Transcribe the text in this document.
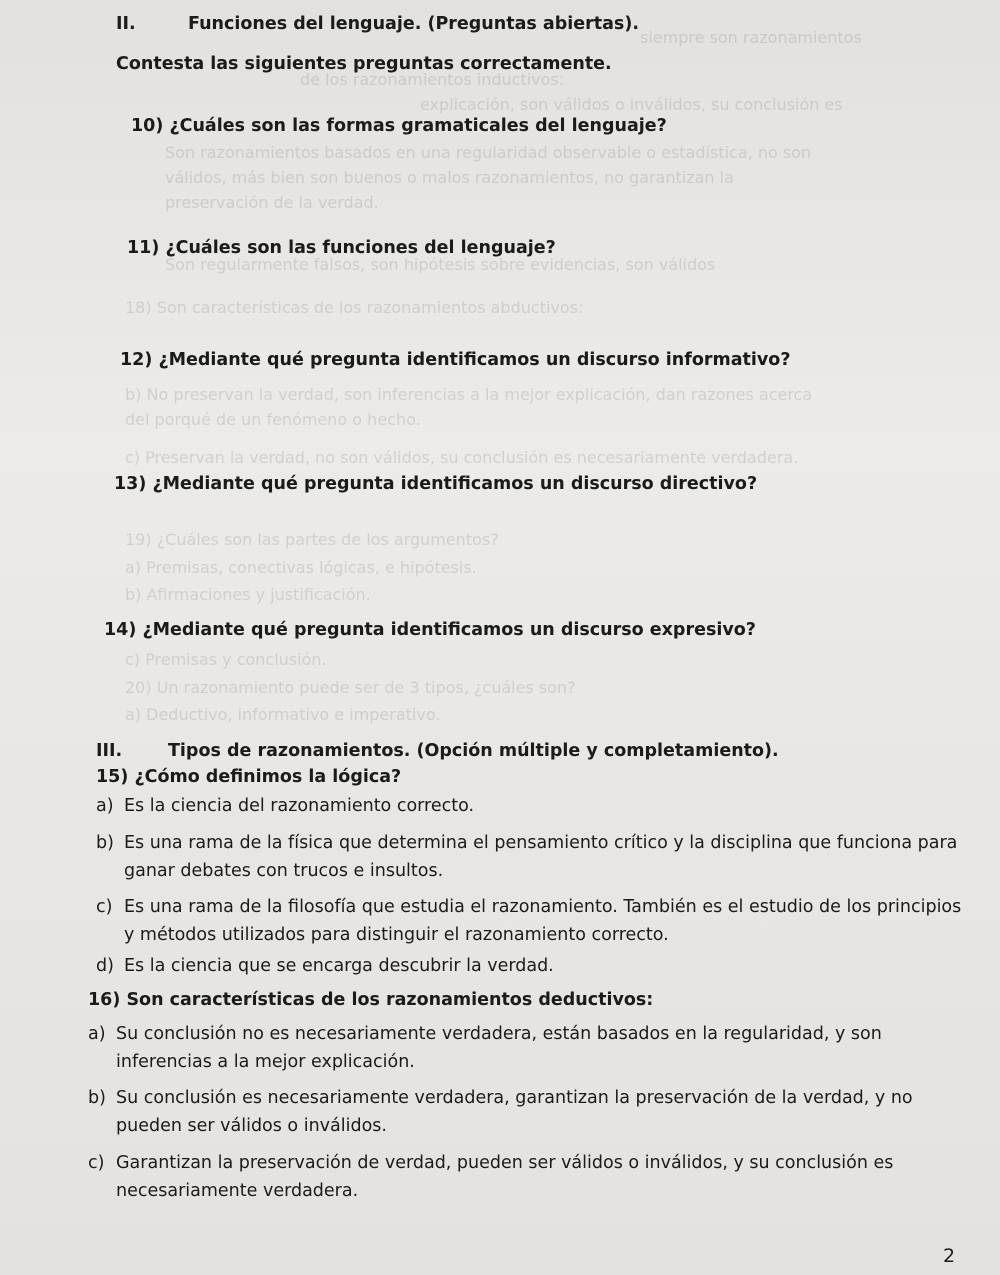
siempre son razonamientos
de los razonamientos inductivos:
explicación, son válidos o inválidos, su conclusión es
Son razonamientos basados en una regularidad observable o estadística, no son
válidos, más bien son buenos o malos razonamientos, no garantizan la
preservación de la verdad.
Son regularmente falsos, son hipótesis sobre evidencias, son válidos
18) Son características de los razonamientos abductivos:
b) No preservan la verdad, son inferencias a la mejor explicación, dan razones acerca
del porqué de un fenómeno o hecho.
c) Preservan la verdad, no son válidos, su conclusión es necesariamente verdadera.
19) ¿Cuáles son las partes de los argumentos?
a) Premisas, conectivas lógicas, e hipótesis.
b) Afirmaciones y justificación.
c) Premisas y conclusión.
20) Un razonamiento puede ser de 3 tipos, ¿cuáles son?
a) Deductivo, informativo e imperativo.
II.	Funciones del lenguaje. (Preguntas abiertas).
Contesta las siguientes preguntas correctamente.
10) ¿Cuáles son las formas gramaticales del lenguaje?
11) ¿Cuáles son las funciones del lenguaje?
12) ¿Mediante qué pregunta identificamos un discurso informativo?
13) ¿Mediante qué pregunta identificamos un discurso directivo?
14) ¿Mediante qué pregunta identificamos un discurso expresivo?
III.	Tipos de razonamientos. (Opción múltiple y completamiento).
15) ¿Cómo definimos la lógica?
a) Es la ciencia del razonamiento correcto.
b) Es una rama de la física que determina el pensamiento crítico y la disciplina que funciona para ganar debates con trucos e insultos.
c) Es una rama de la filosofía que estudia el razonamiento. También es el estudio de los principios y métodos utilizados para distinguir el razonamiento correcto.
d) Es la ciencia que se encarga descubrir la verdad.
16) Son características de los razonamientos deductivos:
a) Su conclusión no es necesariamente verdadera, están basados en la regularidad, y son inferencias a la mejor explicación.
b) Su conclusión es necesariamente verdadera, garantizan la preservación de la verdad, y no pueden ser válidos o inválidos.
c) Garantizan la preservación de verdad, pueden ser válidos o inválidos, y su conclusión es necesariamente verdadera.
2
